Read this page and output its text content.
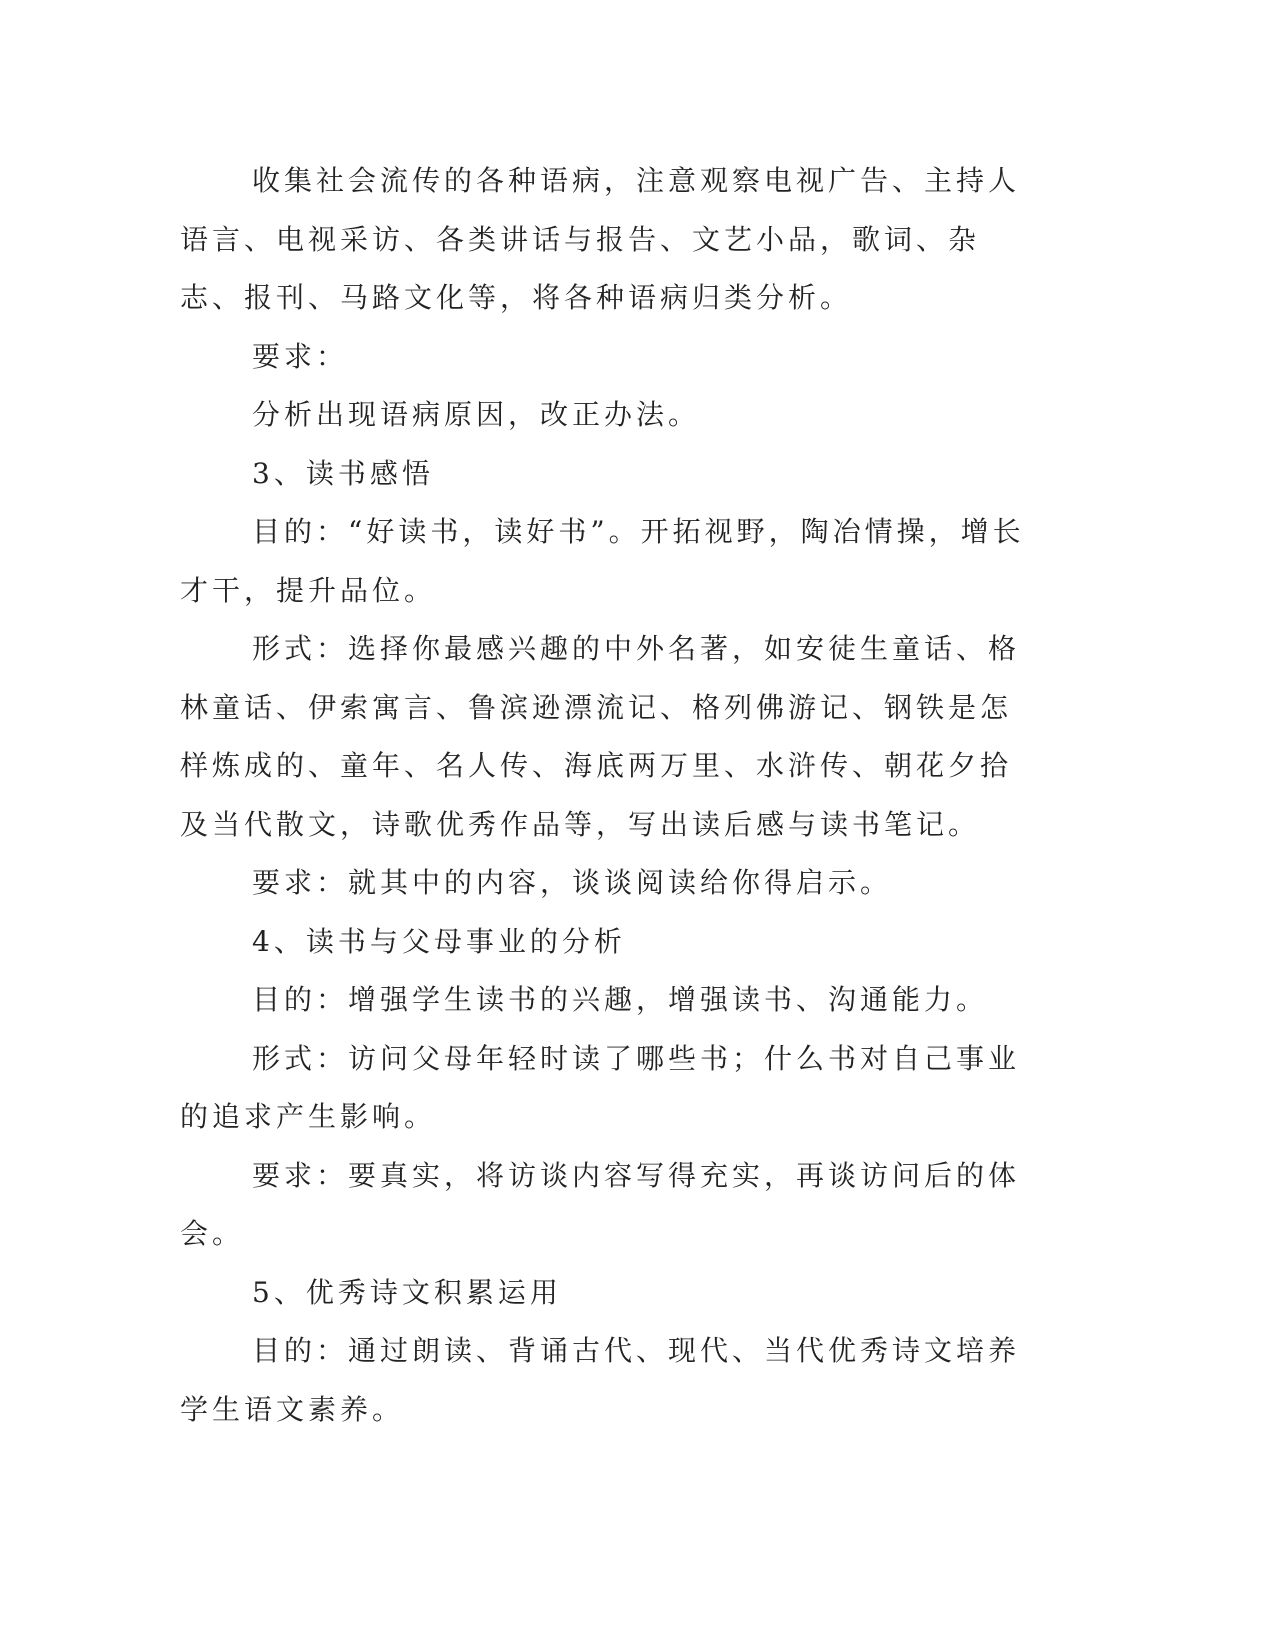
收集社会流传的各种语病，注意观察电视广告、主持人语言、电视采访、各类讲话与报告、文艺小品，歌词、杂志、报刊、马路文化等，将各种语病归类分析。

要求：

分析出现语病原因，改正办法。

3、读书感悟

目的：“好读书，读好书”。开拓视野，陶冶情操，增长才干，提升品位。

形式：选择你最感兴趣的中外名著，如安徒生童话、格林童话、伊索寓言、鲁滨逊漂流记、格列佛游记、钢铁是怎样炼成的、童年、名人传、海底两万里、水浒传、朝花夕拾及当代散文，诗歌优秀作品等，写出读后感与读书笔记。

要求：就其中的内容，谈谈阅读给你得启示。

4、读书与父母事业的分析

目的：增强学生读书的兴趣，增强读书、沟通能力。

形式：访问父母年轻时读了哪些书；什么书对自己事业的追求产生影响。

要求：要真实，将访谈内容写得充实，再谈访问后的体会。

5、优秀诗文积累运用

目的：通过朗读、背诵古代、现代、当代优秀诗文培养学生语文素养。
